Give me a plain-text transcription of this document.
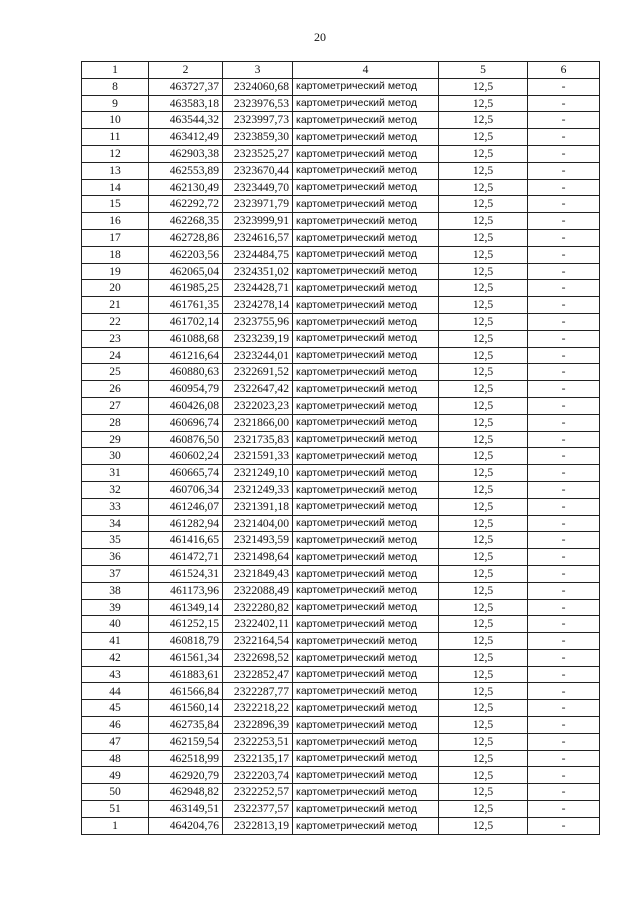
20
1	2	3	4	5	6
8	463727,37	2324060,68	картометрический метод	12,5	-
9	463583,18	2323976,53	картометрический метод	12,5	-
10	463544,32	2323997,73	картометрический метод	12,5	-
11	463412,49	2323859,30	картометрический метод	12,5	-
12	462903,38	2323525,27	картометрический метод	12,5	-
13	462553,89	2323670,44	картометрический метод	12,5	-
14	462130,49	2323449,70	картометрический метод	12,5	-
15	462292,72	2323971,79	картометрический метод	12,5	-
16	462268,35	2323999,91	картометрический метод	12,5	-
17	462728,86	2324616,57	картометрический метод	12,5	-
18	462203,56	2324484,75	картометрический метод	12,5	-
19	462065,04	2324351,02	картометрический метод	12,5	-
20	461985,25	2324428,71	картометрический метод	12,5	-
21	461761,35	2324278,14	картометрический метод	12,5	-
22	461702,14	2323755,96	картометрический метод	12,5	-
23	461088,68	2323239,19	картометрический метод	12,5	-
24	461216,64	2323244,01	картометрический метод	12,5	-
25	460880,63	2322691,52	картометрический метод	12,5	-
26	460954,79	2322647,42	картометрический метод	12,5	-
27	460426,08	2322023,23	картометрический метод	12,5	-
28	460696,74	2321866,00	картометрический метод	12,5	-
29	460876,50	2321735,83	картометрический метод	12,5	-
30	460602,24	2321591,33	картометрический метод	12,5	-
31	460665,74	2321249,10	картометрический метод	12,5	-
32	460706,34	2321249,33	картометрический метод	12,5	-
33	461246,07	2321391,18	картометрический метод	12,5	-
34	461282,94	2321404,00	картометрический метод	12,5	-
35	461416,65	2321493,59	картометрический метод	12,5	-
36	461472,71	2321498,64	картометрический метод	12,5	-
37	461524,31	2321849,43	картометрический метод	12,5	-
38	461173,96	2322088,49	картометрический метод	12,5	-
39	461349,14	2322280,82	картометрический метод	12,5	-
40	461252,15	2322402,11	картометрический метод	12,5	-
41	460818,79	2322164,54	картометрический метод	12,5	-
42	461561,34	2322698,52	картометрический метод	12,5	-
43	461883,61	2322852,47	картометрический метод	12,5	-
44	461566,84	2322287,77	картометрический метод	12,5	-
45	461560,14	2322218,22	картометрический метод	12,5	-
46	462735,84	2322896,39	картометрический метод	12,5	-
47	462159,54	2322253,51	картометрический метод	12,5	-
48	462518,99	2322135,17	картометрический метод	12,5	-
49	462920,79	2322203,74	картометрический метод	12,5	-
50	462948,82	2322252,57	картометрический метод	12,5	-
51	463149,51	2322377,57	картометрический метод	12,5	-
1	464204,76	2322813,19	картометрический метод	12,5	-
